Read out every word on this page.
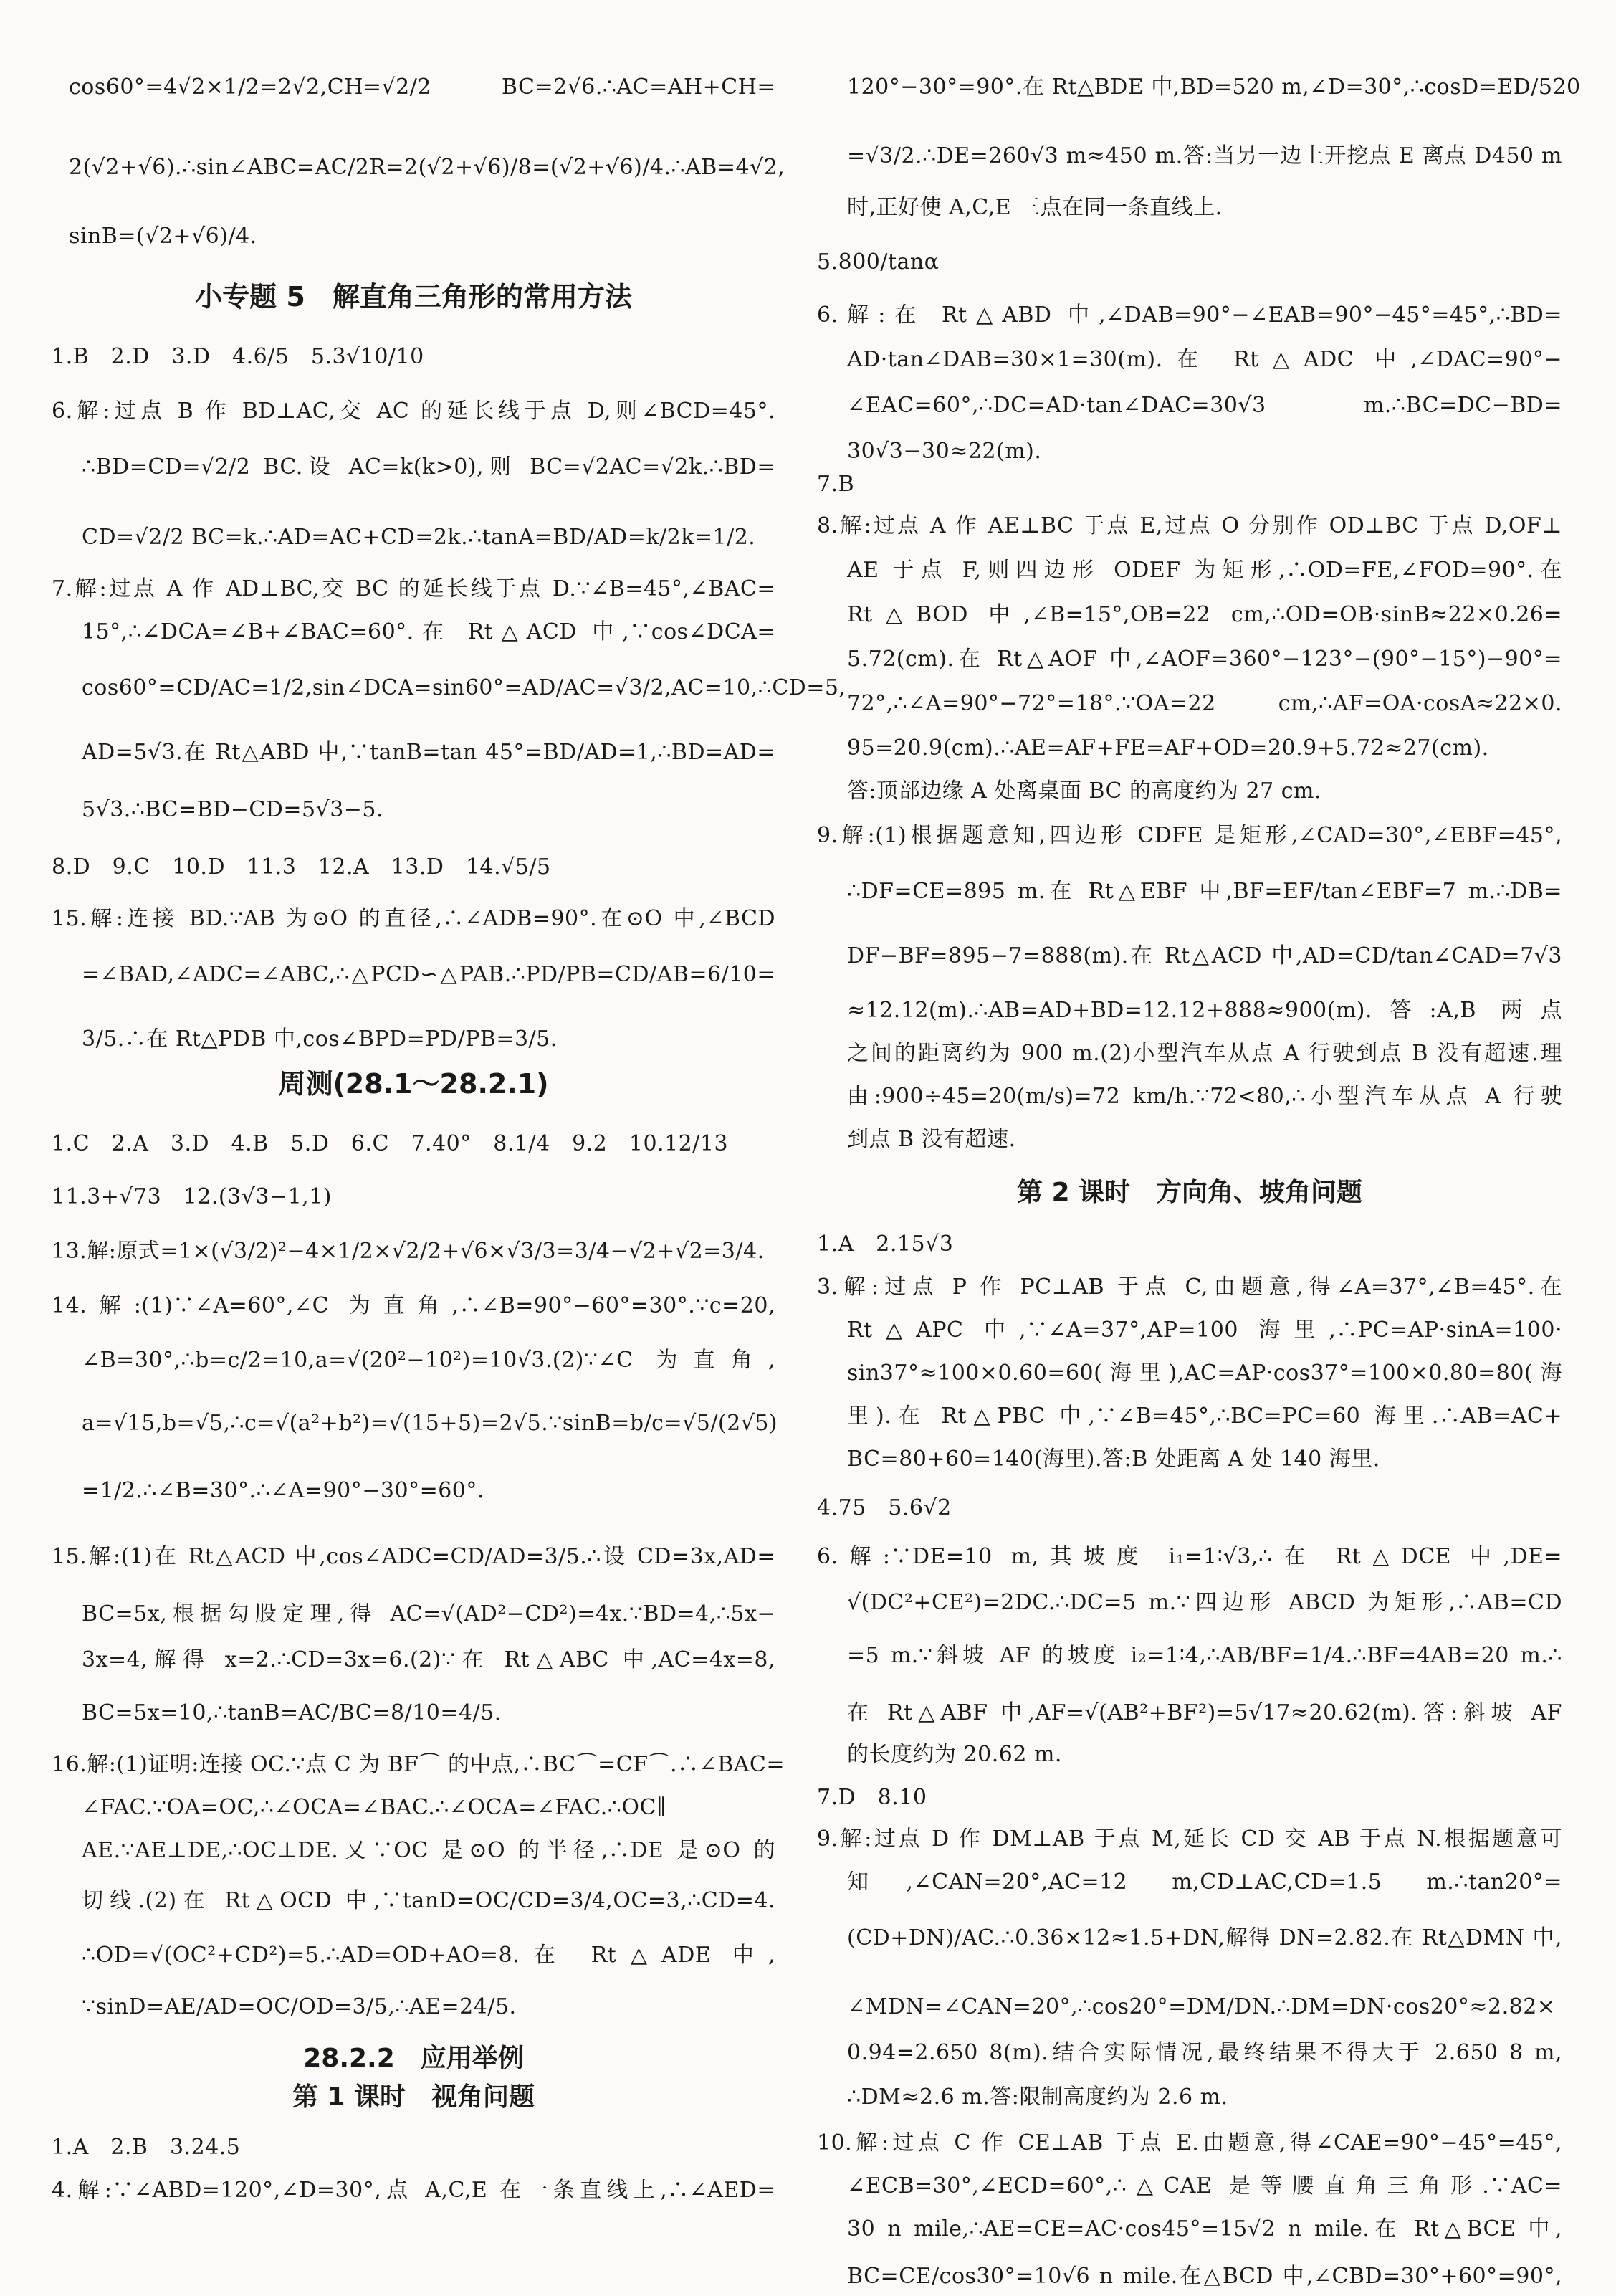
cos60°=4√2×1/2=2√2,CH=√2/2 BC=2√6.∴AC=AH+CH=
2(√2+√6).∴sin∠ABC=AC/2R=2(√2+√6)/8=(√2+√6)/4.∴AB=4√2,
sinB=(√2+√6)/4.
小专题 5　解直角三角形的常用方法
1.B　2.D　3.D　4.6/5　5.3√10/10
6.解:过点 B 作 BD⊥AC,交 AC 的延长线于点 D,则∠BCD=45°.
∴BD=CD=√2/2 BC.设 AC=k(k>0),则 BC=√2AC=√2k.∴BD=
CD=√2/2 BC=k.∴AD=AC+CD=2k.∴tanA=BD/AD=k/2k=1/2.
7.解:过点 A 作 AD⊥BC,交 BC 的延长线于点 D.∵∠B=45°,∠BAC=
15°,∴∠DCA=∠B+∠BAC=60°.在 Rt△ACD 中,∵cos∠DCA=
cos60°=CD/AC=1/2,sin∠DCA=sin60°=AD/AC=√3/2,AC=10,∴CD=5,
AD=5√3.在 Rt△ABD 中,∵tanB=tan 45°=BD/AD=1,∴BD=AD=
5√3.∴BC=BD−CD=5√3−5.
8.D　9.C　10.D　11.3　12.A　13.D　14.√5/5
15.解:连接 BD.∵AB 为⊙O 的直径,∴∠ADB=90°.在⊙O 中,∠BCD
=∠BAD,∠ADC=∠ABC,∴△PCD∽△PAB.∴PD/PB=CD/AB=6/10=
3/5.∴在 Rt△PDB 中,cos∠BPD=PD/PB=3/5.
周测(28.1～28.2.1)
1.C　2.A　3.D　4.B　5.D　6.C　7.40°　8.1/4　9.2　10.12/13
11.3+√73　12.(3√3−1,1)
13.解:原式=1×(√3/2)²−4×1/2×√2/2+√6×√3/3=3/4−√2+√2=3/4.
14.解:(1)∵∠A=60°,∠C 为直角,∴∠B=90°−60°=30°.∵c=20,
∠B=30°,∴b=c/2=10,a=√(20²−10²)=10√3.(2)∵∠C 为直角,
a=√15,b=√5,∴c=√(a²+b²)=√(15+5)=2√5.∵sinB=b/c=√5/(2√5)
=1/2.∴∠B=30°.∴∠A=90°−30°=60°.
15.解:(1)在 Rt△ACD 中,cos∠ADC=CD/AD=3/5.∴设 CD=3x,AD=
BC=5x,根据勾股定理,得 AC=√(AD²−CD²)=4x.∵BD=4,∴5x−
3x=4,解得 x=2.∴CD=3x=6.(2)∵在 Rt△ABC 中,AC=4x=8,
BC=5x=10,∴tanB=AC/BC=8/10=4/5.
16.解:(1)证明:连接 OC.∵点 C 为 BF⌒ 的中点,∴BC⌒=CF⌒.∴∠BAC=
∠FAC.∵OA=OC,∴∠OCA=∠BAC.∴∠OCA=∠FAC.∴OC∥
AE.∵AE⊥DE,∴OC⊥DE.又∵OC 是⊙O 的半径,∴DE 是⊙O 的
切线.(2)在 Rt△OCD 中,∵tanD=OC/CD=3/4,OC=3,∴CD=4.
∴OD=√(OC²+CD²)=5.∴AD=OD+AO=8.在 Rt△ADE 中,
∵sinD=AE/AD=OC/OD=3/5,∴AE=24/5.
28.2.2　应用举例
第 1 课时　视角问题
1.A　2.B　3.24.5
4.解:∵∠ABD=120°,∠D=30°,点 A,C,E 在一条直线上,∴∠AED=
120°−30°=90°.在 Rt△BDE 中,BD=520 m,∠D=30°,∴cosD=ED/520
=√3/2.∴DE=260√3 m≈450 m.答:当另一边上开挖点 E 离点 D450 m
时,正好使 A,C,E 三点在同一条直线上.
5.800/tanα
6.解:在 Rt△ABD 中,∠DAB=90°−∠EAB=90°−45°=45°,∴BD=
AD·tan∠DAB=30×1=30(m).在 Rt△ADC 中,∠DAC=90°−
∠EAC=60°,∴DC=AD·tan∠DAC=30√3 m.∴BC=DC−BD=
30√3−30≈22(m).
7.B
8.解:过点 A 作 AE⊥BC 于点 E,过点 O 分别作 OD⊥BC 于点 D,OF⊥
AE 于点 F,则四边形 ODEF 为矩形,∴OD=FE,∠FOD=90°.在
Rt△BOD 中,∠B=15°,OB=22 cm,∴OD=OB·sinB≈22×0.26=
5.72(cm).在 Rt△AOF 中,∠AOF=360°−123°−(90°−15°)−90°=
72°,∴∠A=90°−72°=18°.∵OA=22 cm,∴AF=OA·cosA≈22×0.
95=20.9(cm).∴AE=AF+FE=AF+OD=20.9+5.72≈27(cm).
答:顶部边缘 A 处离桌面 BC 的高度约为 27 cm.
9.解:(1)根据题意知,四边形 CDFE 是矩形,∠CAD=30°,∠EBF=45°,
∴DF=CE=895 m.在 Rt△EBF 中,BF=EF/tan∠EBF=7 m.∴DB=
DF−BF=895−7=888(m).在 Rt△ACD 中,AD=CD/tan∠CAD=7√3
≈12.12(m).∴AB=AD+BD=12.12+888≈900(m).答:A,B 两点
之间的距离约为 900 m.(2)小型汽车从点 A 行驶到点 B 没有超速.理
由:900÷45=20(m/s)=72 km/h.∵72<80,∴小型汽车从点 A 行驶
到点 B 没有超速.
第 2 课时　方向角、坡角问题
1.A　2.15√3
3.解:过点 P 作 PC⊥AB 于点 C,由题意,得∠A=37°,∠B=45°.在
Rt△APC 中,∵∠A=37°,AP=100 海里,∴PC=AP·sinA=100·
sin37°≈100×0.60=60(海里),AC=AP·cos37°=100×0.80=80(海
里).在 Rt△PBC 中,∵∠B=45°,∴BC=PC=60 海里.∴AB=AC+
BC=80+60=140(海里).答:B 处距离 A 处 140 海里.
4.75　5.6√2
6.解:∵DE=10 m,其坡度 i₁=1∶√3,∴在 Rt△DCE 中,DE=
√(DC²+CE²)=2DC.∴DC=5 m.∵四边形 ABCD 为矩形,∴AB=CD
=5 m.∵斜坡 AF 的坡度 i₂=1∶4,∴AB/BF=1/4.∴BF=4AB=20 m.∴
在 Rt△ABF 中,AF=√(AB²+BF²)=5√17≈20.62(m).答:斜坡 AF
的长度约为 20.62 m.
7.D　8.10
9.解:过点 D 作 DM⊥AB 于点 M,延长 CD 交 AB 于点 N.根据题意可
知,∠CAN=20°,AC=12 m,CD⊥AC,CD=1.5 m.∴tan20°=
(CD+DN)/AC.∴0.36×12≈1.5+DN,解得 DN=2.82.在 Rt△DMN 中,
∠MDN=∠CAN=20°,∴cos20°=DM/DN.∴DM=DN·cos20°≈2.82×
0.94=2.650 8(m).结合实际情况,最终结果不得大于 2.650 8 m,
∴DM≈2.6 m.答:限制高度约为 2.6 m.
10.解:过点 C 作 CE⊥AB 于点 E.由题意,得∠CAE=90°−45°=45°,
∠ECB=30°,∠ECD=60°,∴△CAE 是等腰直角三角形.∵AC=
30 n mile,∴AE=CE=AC·cos45°=15√2 n mile.在 Rt△BCE 中,
BC=CE/cos30°=10√6 n mile.在△BCD 中,∠CBD=30°+60°=90°,
